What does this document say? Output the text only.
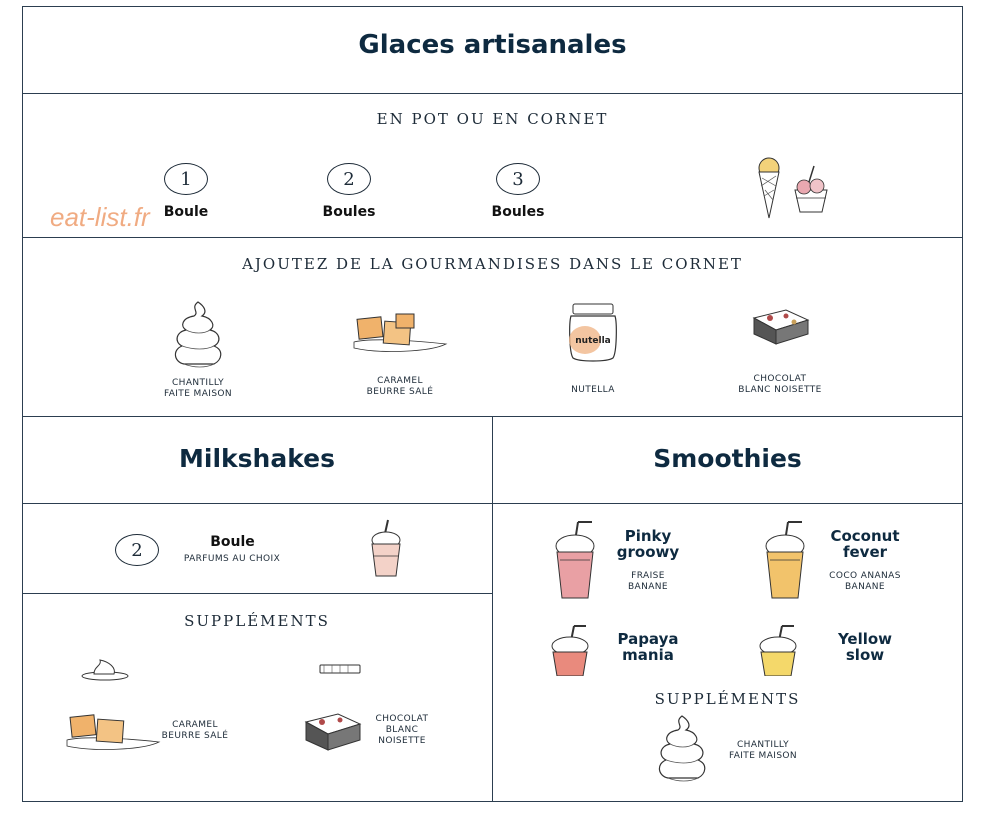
Glaces artisanales
EN POT OU EN CORNET
1
Boule
2
Boules
3
Boules
eat-list.fr
AJOUTEZ DE LA GOURMANDISES DANS LE CORNET
CHANTILLY
FAITE MAISON
CARAMEL
BEURRE SALÉ
nutella
NUTELLA
CHOCOLAT
BLANC NOISETTE
Milkshakes
2	Boule
PARFUMS AU CHOIX
SUPPLÉMENTS
CARAMEL
BEURRE SALÉ
CHOCOLAT
BLANC
NOISETTE
Smoothies
Pinky
groowy
FRAISE
BANANE
Coconut
fever
COCO ANANAS
BANANE
Papaya
mania
Yellow
slow
SUPPLÉMENTS
CHANTILLY
FAITE MAISON
